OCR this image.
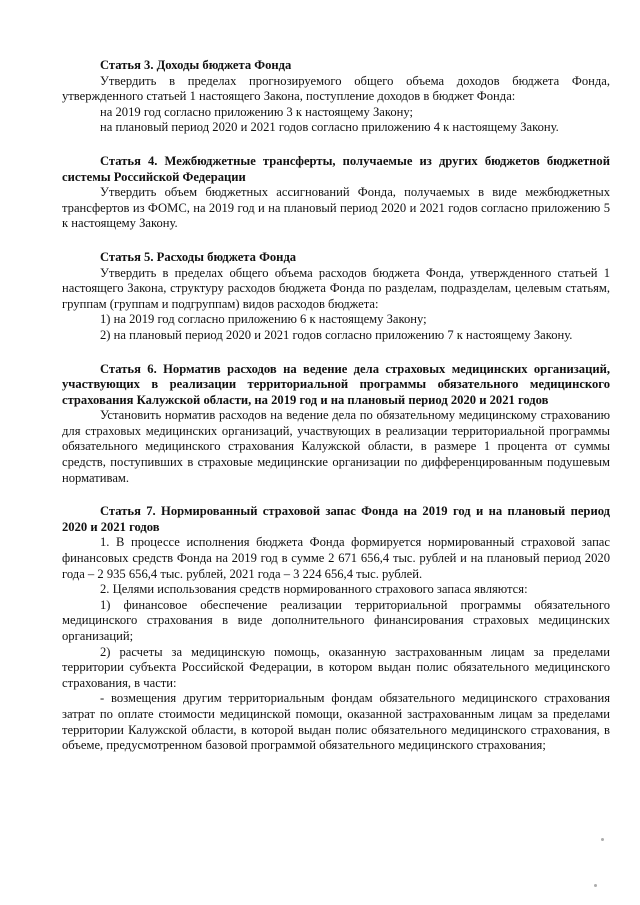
Статья 3. Доходы бюджета Фонда

Утвердить в пределах прогнозируемого общего объема доходов бюджета Фонда, утвержденного статьей 1 настоящего Закона, поступление доходов в бюджет Фонда:

на 2019 год согласно приложению 3 к настоящему Закону;

на плановый период 2020 и 2021 годов согласно приложению 4 к настоящему Закону.

Статья 4. Межбюджетные трансферты, получаемые из других бюджетов бюджетной системы Российской Федерации

Утвердить объем бюджетных ассигнований Фонда, получаемых в виде межбюджетных трансфертов из ФОМС, на 2019 год и на плановый период 2020 и 2021 годов согласно приложению 5 к настоящему Закону.

Статья 5. Расходы бюджета Фонда

Утвердить в пределах общего объема расходов бюджета Фонда, утвержденного статьей 1 настоящего Закона, структуру расходов бюджета Фонда по разделам, подразделам, целевым статьям, группам (группам и подгруппам) видов расходов бюджета:

1) на 2019 год согласно приложению 6 к настоящему Закону;

2) на плановый период 2020 и 2021 годов согласно приложению 7 к настоящему Закону.

Статья 6. Норматив расходов на ведение дела страховых медицинских организаций, участвующих в реализации территориальной программы обязательного медицинского страхования Калужской области, на 2019 год и на плановый период 2020 и 2021 годов

Установить норматив расходов на ведение дела по обязательному медицинскому страхованию для страховых медицинских организаций, участвующих в реализации территориальной программы обязательного медицинского страхования Калужской области, в размере 1 процента от суммы средств, поступивших в страховые медицинские организации по дифференцированным подушевым нормативам.

Статья 7. Нормированный страховой запас Фонда на 2019 год и на плановый период 2020 и 2021 годов

1. В процессе исполнения бюджета Фонда формируется нормированный страховой запас финансовых средств Фонда на 2019 год в сумме 2 671 656,4 тыс. рублей и на плановый период 2020 года – 2 935 656,4 тыс. рублей, 2021 года – 3 224 656,4 тыс. рублей.

2. Целями использования средств нормированного страхового запаса являются:

1) финансовое обеспечение реализации территориальной программы обязательного медицинского страхования в виде дополнительного финансирования страховых медицинских организаций;

2) расчеты за медицинскую помощь, оказанную застрахованным лицам за пределами территории субъекта Российской Федерации, в котором выдан полис обязательного медицинского страхования, в части:

- возмещения другим территориальным фондам обязательного медицинского страхования затрат по оплате стоимости медицинской помощи, оказанной застрахованным лицам за пределами территории Калужской области, в которой выдан полис обязательного медицинского страхования, в объеме, предусмотренном базовой программой обязательного медицинского страхования;
